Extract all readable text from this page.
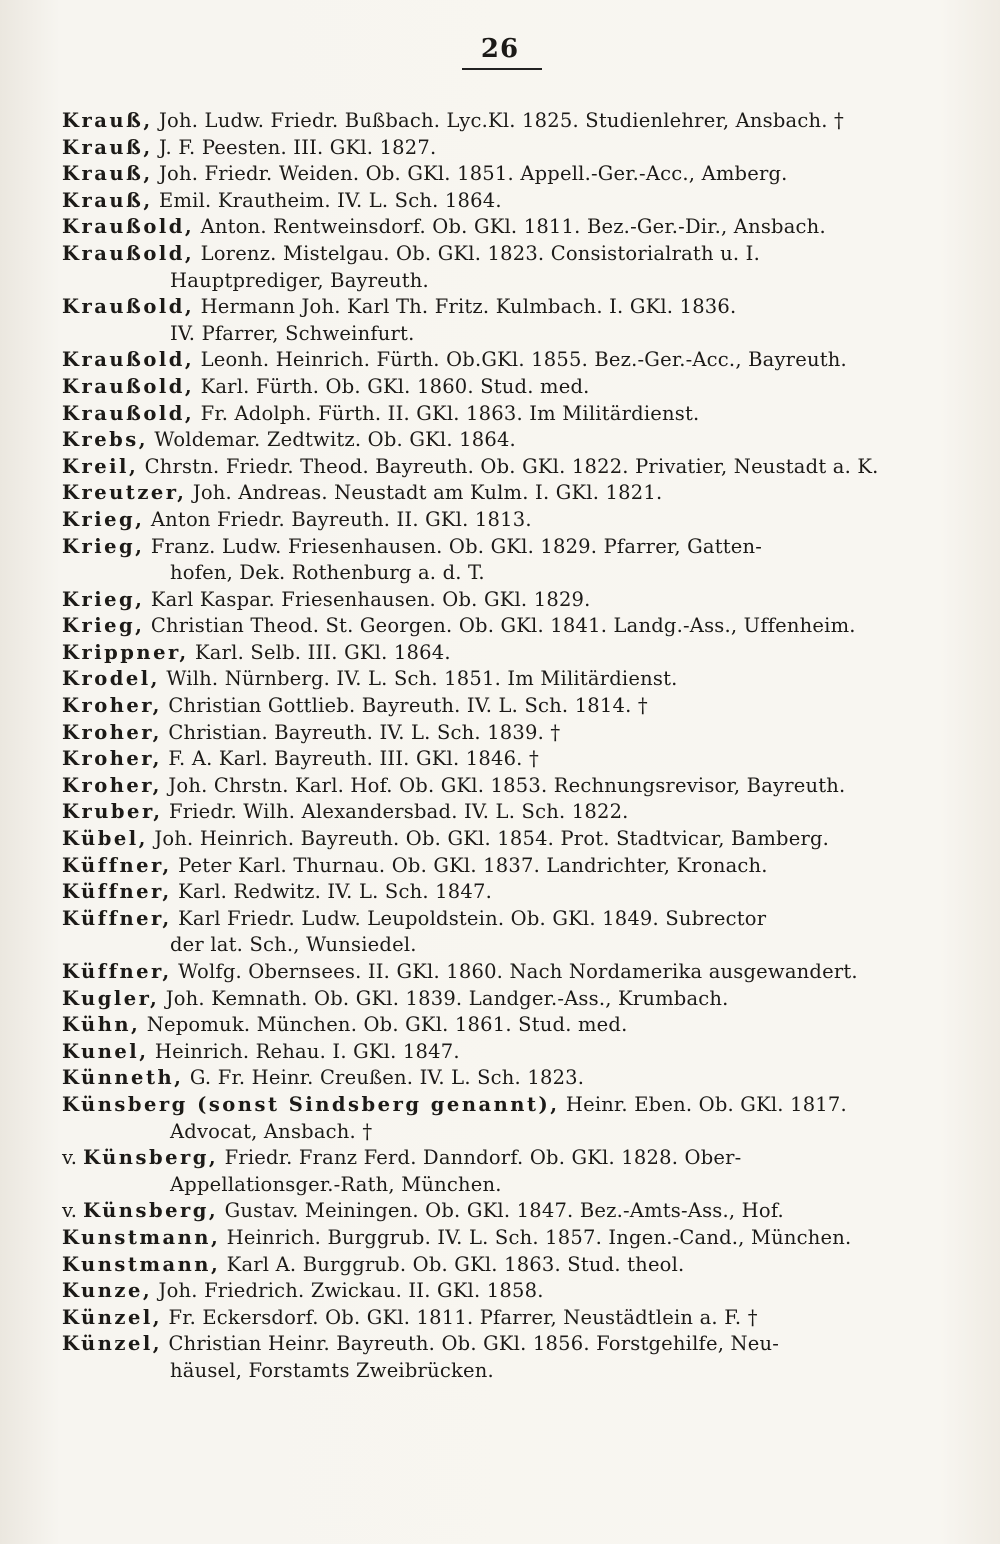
26
Krauß, Joh. Ludw. Friedr. Bußbach. Lyc.Kl. 1825. Studienlehrer, Ansbach. †
Krauß, J. F. Peesten. III. GKl. 1827.
Krauß, Joh. Friedr. Weiden. Ob. GKl. 1851. Appell.-Ger.-Acc., Amberg.
Krauß, Emil. Krautheim. IV. L. Sch. 1864.
Kraußold, Anton. Rentweinsdorf. Ob. GKl. 1811. Bez.-Ger.-Dir., Ansbach.
Kraußold, Lorenz. Mistelgau. Ob. GKl. 1823. Consistorialrath u. I.
Hauptprediger, Bayreuth.
Kraußold, Hermann Joh. Karl Th. Fritz. Kulmbach. I. GKl. 1836.
IV. Pfarrer, Schweinfurt.
Kraußold, Leonh. Heinrich. Fürth. Ob.GKl. 1855. Bez.-Ger.-Acc., Bayreuth.
Kraußold, Karl. Fürth. Ob. GKl. 1860. Stud. med.
Kraußold, Fr. Adolph. Fürth. II. GKl. 1863. Im Militärdienst.
Krebs, Woldemar. Zedtwitz. Ob. GKl. 1864.
Kreil, Chrstn. Friedr. Theod. Bayreuth. Ob. GKl. 1822. Privatier, Neustadt a. K.
Kreutzer, Joh. Andreas. Neustadt am Kulm. I. GKl. 1821.
Krieg, Anton Friedr. Bayreuth. II. GKl. 1813.
Krieg, Franz. Ludw. Friesenhausen. Ob. GKl. 1829. Pfarrer, Gatten-
hofen, Dek. Rothenburg a. d. T.
Krieg, Karl Kaspar. Friesenhausen. Ob. GKl. 1829.
Krieg, Christian Theod. St. Georgen. Ob. GKl. 1841. Landg.-Ass., Uffenheim.
Krippner, Karl. Selb. III. GKl. 1864.
Krodel, Wilh. Nürnberg. IV. L. Sch. 1851. Im Militärdienst.
Kroher, Christian Gottlieb. Bayreuth. IV. L. Sch. 1814. †
Kroher, Christian. Bayreuth. IV. L. Sch. 1839. †
Kroher, F. A. Karl. Bayreuth. III. GKl. 1846. †
Kroher, Joh. Chrstn. Karl. Hof. Ob. GKl. 1853. Rechnungsrevisor, Bayreuth.
Kruber, Friedr. Wilh. Alexandersbad. IV. L. Sch. 1822.
Kübel, Joh. Heinrich. Bayreuth. Ob. GKl. 1854. Prot. Stadtvicar, Bamberg.
Küffner, Peter Karl. Thurnau. Ob. GKl. 1837. Landrichter, Kronach.
Küffner, Karl. Redwitz. IV. L. Sch. 1847.
Küffner, Karl Friedr. Ludw. Leupoldstein. Ob. GKl. 1849. Subrector
der lat. Sch., Wunsiedel.
Küffner, Wolfg. Obernsees. II. GKl. 1860. Nach Nordamerika ausgewandert.
Kugler, Joh. Kemnath. Ob. GKl. 1839. Landger.-Ass., Krumbach.
Kühn, Nepomuk. München. Ob. GKl. 1861. Stud. med.
Kunel, Heinrich. Rehau. I. GKl. 1847.
Künneth, G. Fr. Heinr. Creußen. IV. L. Sch. 1823.
Künsberg (sonst Sindsberg genannt), Heinr. Eben. Ob. GKl. 1817.
Advocat, Ansbach. †
v. Künsberg, Friedr. Franz Ferd. Danndorf. Ob. GKl. 1828. Ober-
Appellationsger.-Rath, München.
v. Künsberg, Gustav. Meiningen. Ob. GKl. 1847. Bez.-Amts-Ass., Hof.
Kunstmann, Heinrich. Burggrub. IV. L. Sch. 1857. Ingen.-Cand., München.
Kunstmann, Karl A. Burggrub. Ob. GKl. 1863. Stud. theol.
Kunze, Joh. Friedrich. Zwickau. II. GKl. 1858.
Künzel, Fr. Eckersdorf. Ob. GKl. 1811. Pfarrer, Neustädtlein a. F. †
Künzel, Christian Heinr. Bayreuth. Ob. GKl. 1856. Forstgehilfe, Neu-
häusel, Forstamts Zweibrücken.
